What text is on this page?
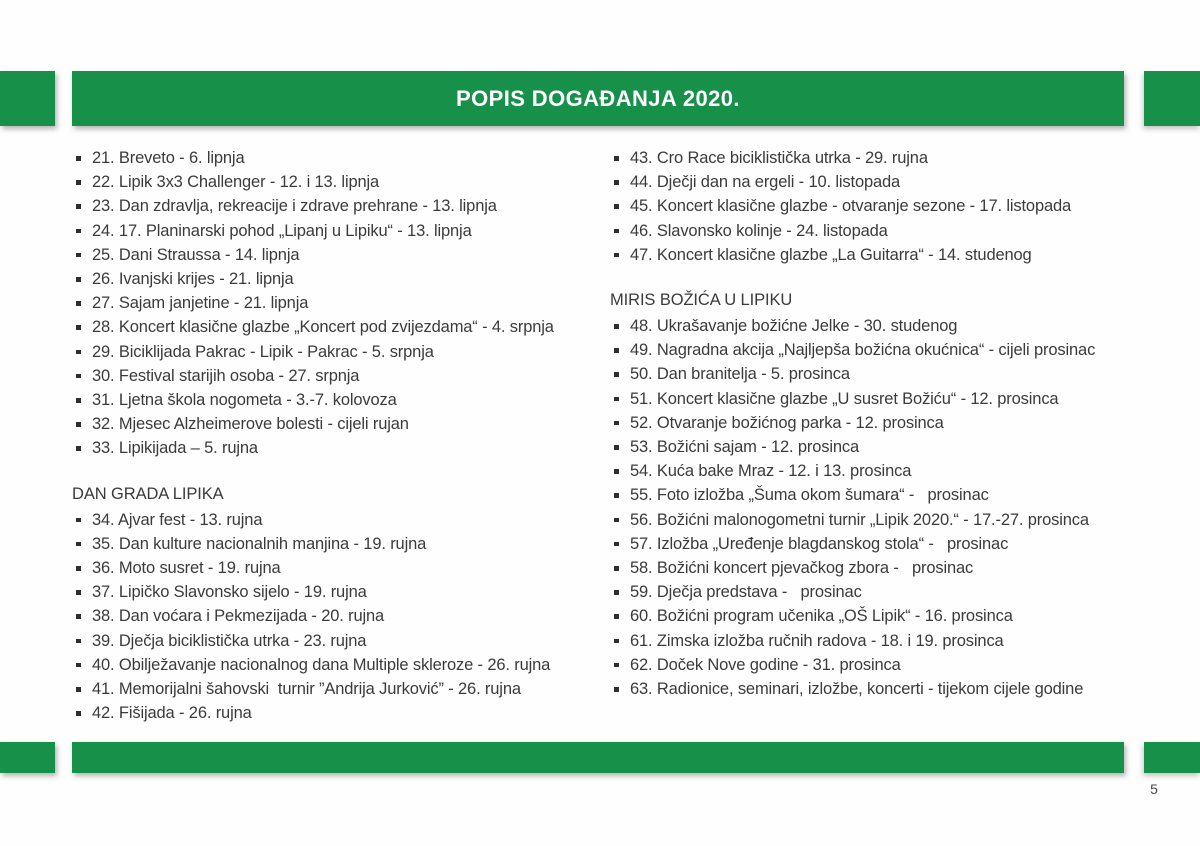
POPIS DOGAĐANJA 2020.
21. Breveto - 6. lipnja
22. Lipik 3x3 Challenger - 12. i 13. lipnja
23. Dan zdravlja, rekreacije i zdrave prehrane - 13. lipnja
24. 17. Planinarski pohod „Lipanj u Lipiku“ - 13. lipnja
25. Dani Straussa - 14. lipnja
26. Ivanjski krijes - 21. lipnja
27. Sajam janjetine - 21. lipnja
28. Koncert klasične glazbe „Koncert pod zvijezdama“ - 4. srpnja
29. Biciklijada Pakrac - Lipik - Pakrac - 5. srpnja
30. Festival starijih osoba - 27. srpnja
31. Ljetna škola nogometa - 3.-7. kolovoza
32. Mjesec Alzheimerove bolesti - cijeli rujan
33. Lipikijada – 5. rujna
DAN GRADA LIPIKA
34. Ajvar fest - 13. rujna
35. Dan kulture nacionalnih manjina - 19. rujna
36. Moto susret - 19. rujna
37. Lipičko Slavonsko sijelo - 19. rujna
38. Dan voćara i Pekmezijada - 20. rujna
39. Dječja biciklistička utrka - 23. rujna
40. Obilježavanje nacionalnog dana Multiple skleroze - 26. rujna
41. Memorijalni šahovski  turnir ”Andrija Jurković” - 26. rujna
42. Fišijada - 26. rujna
43. Cro Race biciklistička utrka - 29. rujna
44. Dječji dan na ergeli - 10. listopada
45. Koncert klasične glazbe - otvaranje sezone - 17. listopada
46. Slavonsko kolinje - 24. listopada
47. Koncert klasične glazbe „La Guitarra“ - 14. studenog
MIRIS BOŽIĆA U LIPIKU
48. Ukrašavanje božićne Jelke - 30. studenog
49. Nagradna akcija „Najljepša božićna okućnica“ - cijeli prosinac
50. Dan branitelja - 5. prosinca
51. Koncert klasične glazbe „U susret Božiću“ - 12. prosinca
52. Otvaranje božićnog parka - 12. prosinca
53. Božićni sajam - 12. prosinca
54. Kuća bake Mraz - 12. i 13. prosinca
55. Foto izložba „Šuma okom šumara“ -   prosinac
56. Božićni malonogometni turnir „Lipik 2020.“ - 17.-27. prosinca
57. Izložba „Uređenje blagdanskog stola“ -   prosinac
58. Božićni koncert pjevačkog zbora -   prosinac
59. Dječja predstava -   prosinac
60. Božićni program učenika „OŠ Lipik“ - 16. prosinca
61. Zimska izložba ručnih radova - 18. i 19. prosinca
62. Doček Nove godine - 31. prosinca
63. Radionice, seminari, izložbe, koncerti - tijekom cijele godine
5
